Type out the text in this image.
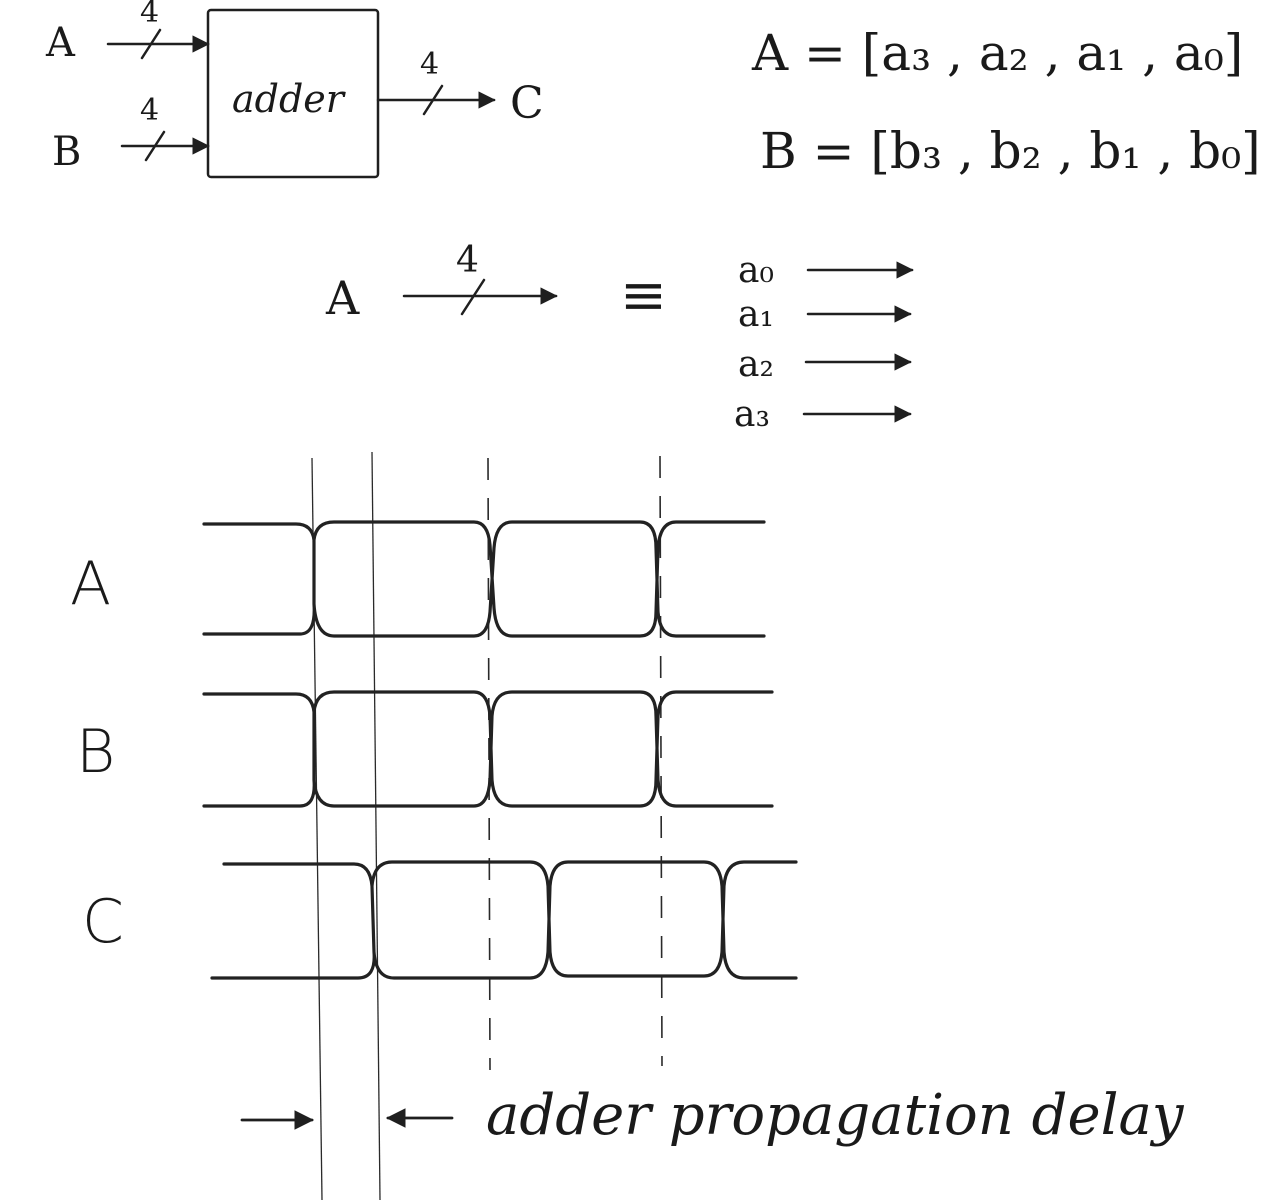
A
4
B
4 adder
4
C
A = [a₃ , a₂ , a₁ , a₀]
B = [b₃ , b₂ , b₁ , b₀]
A
4
≡ a₀
a₁
a₂
a₃
A
B
C
adder propagation delay
